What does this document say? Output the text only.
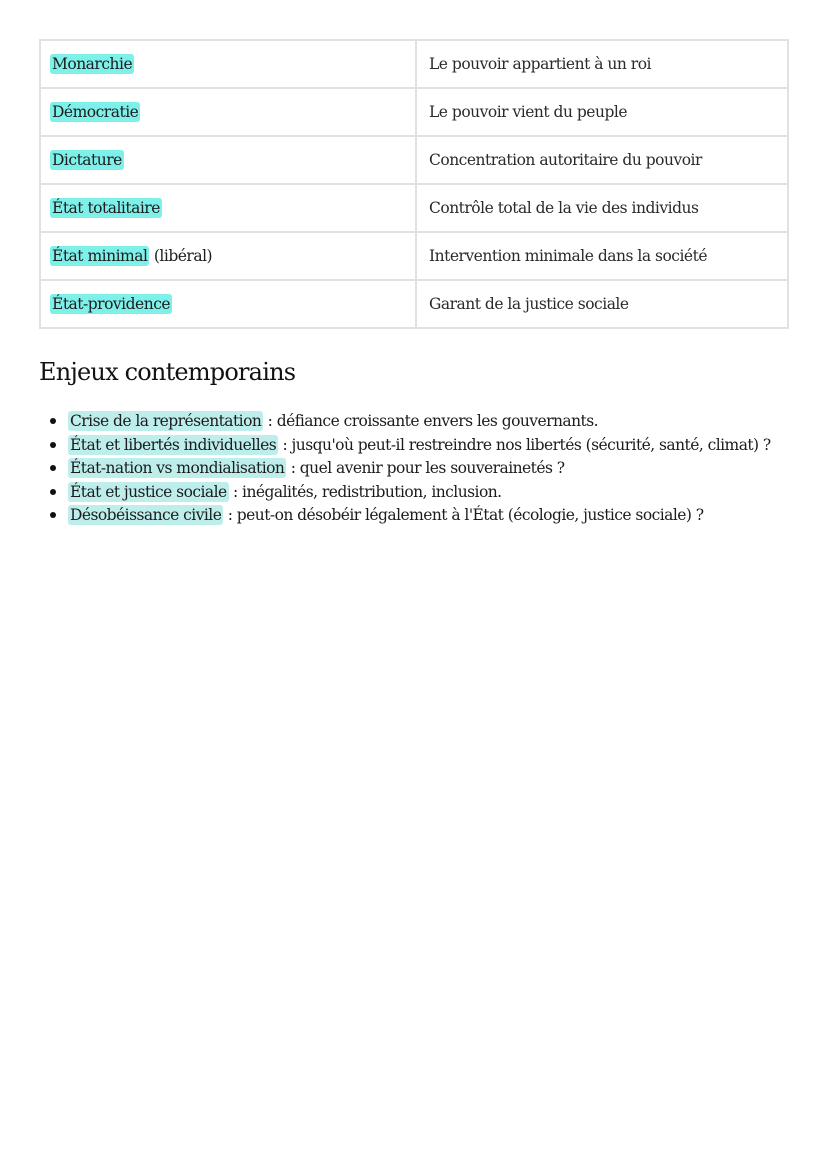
Monarchie	Le pouvoir appartient à un roi
Démocratie	Le pouvoir vient du peuple
Dictature	Concentration autoritaire du pouvoir
État totalitaire	Contrôle total de la vie des individus
État minimal (libéral)	Intervention minimale dans la société
État-providence	Garant de la justice sociale
Enjeux contemporains
Crise de la représentation : défiance croissante envers les gouvernants.
État et libertés individuelles : jusqu'où peut-il restreindre nos libertés (sécurité, santé, climat) ?
État-nation vs mondialisation : quel avenir pour les souverainetés ?
État et justice sociale : inégalités, redistribution, inclusion.
Désobéissance civile : peut-on désobéir légalement à l'État (écologie, justice sociale) ?
